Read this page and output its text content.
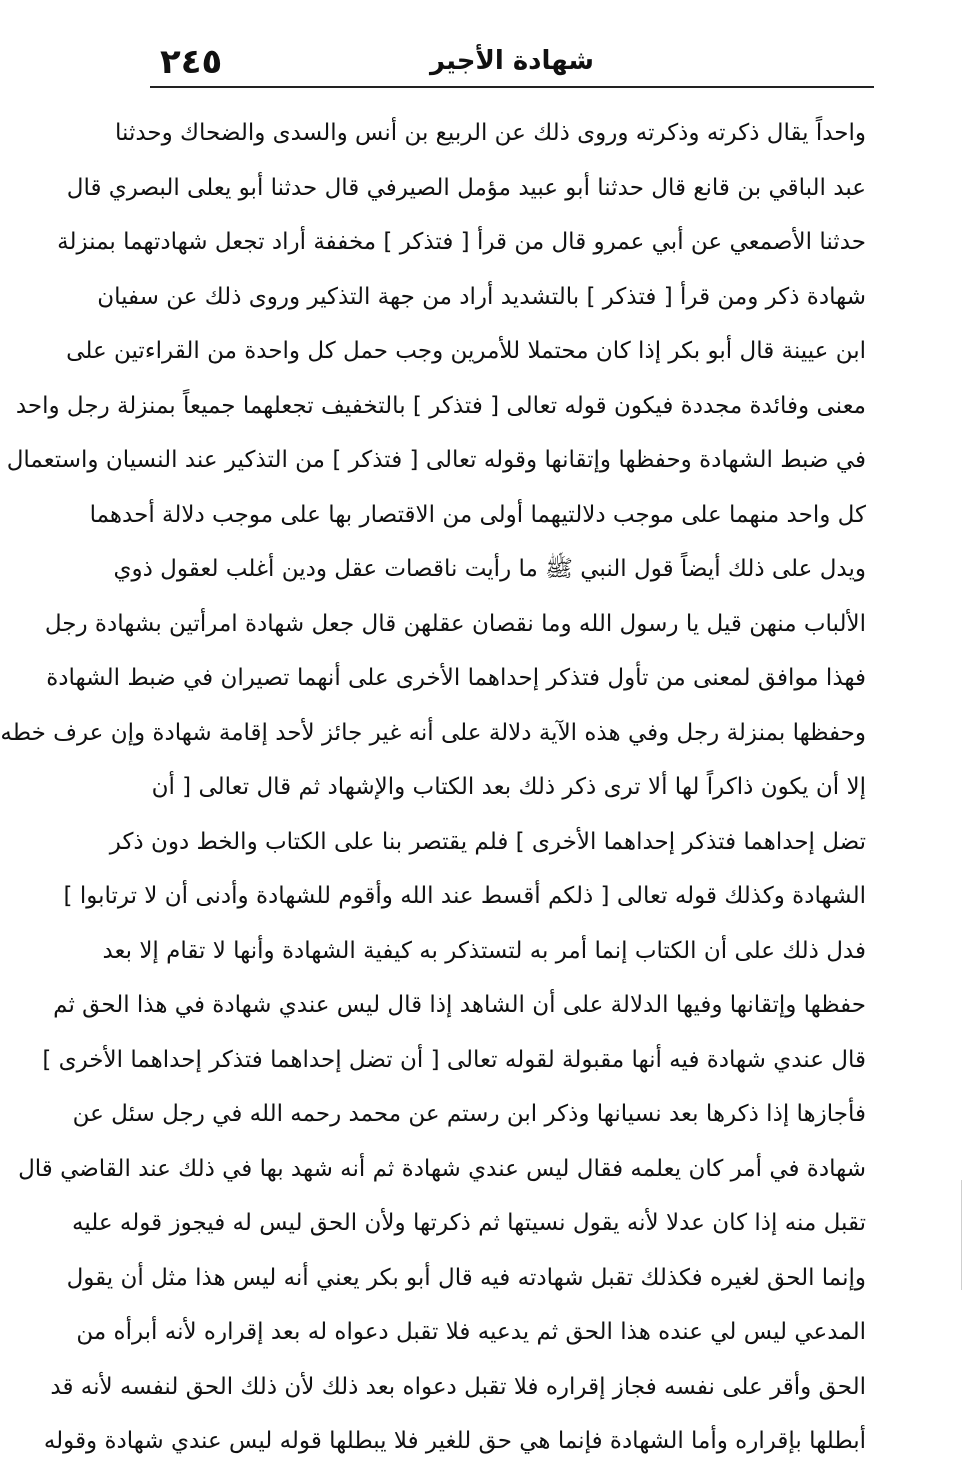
٢٤٥	شهادة الأجير
واحداً يقال ذكرته وذكرته وروى ذلك عن الربيع بن أنس والسدى والضحاك وحدثنا
عبد الباقي بن قانع قال حدثنا أبو عبيد مؤمل الصيرفي قال حدثنا أبو يعلى البصري قال
حدثنا الأصمعي عن أبي عمرو قال من قرأ [ فتذكر ] مخففة أراد تجعل شهادتهما بمنزلة
شهادة ذكر ومن قرأ [ فتذكر ] بالتشديد أراد من جهة التذكير وروى ذلك عن سفيان
ابن عيينة قال أبو بكر إذا كان محتملا للأمرين وجب حمل كل واحدة من القراءتين على
معنى وفائدة مجددة فيكون قوله تعالى [ فتذكر ] بالتخفيف تجعلهما جميعاً بمنزلة رجل واحد
في ضبط الشهادة وحفظها وإتقانها وقوله تعالى [ فتذكر ] من التذكير عند النسيان واستعمال
كل واحد منهما على موجب دلالتيهما أولى من الاقتصار بها على موجب دلالة أحدهما
ويدل على ذلك أيضاً قول النبي ﷺ ما رأيت ناقصات عقل ودين أغلب لعقول ذوي
الألباب منهن قيل يا رسول الله وما نقصان عقلهن قال جعل شهادة امرأتين بشهادة رجل
فهذا موافق لمعنى من تأول فتذكر إحداهما الأخرى على أنهما تصيران في ضبط الشهادة
وحفظها بمنزلة رجل وفي هذه الآية دلالة على أنه غير جائز لأحد إقامة شهادة وإن عرف خطه
إلا أن يكون ذاكراً لها ألا ترى ذكر ذلك بعد الكتاب والإشهاد ثم قال تعالى [ أن
تضل إحداهما فتذكر إحداهما الأخرى ] فلم يقتصر بنا على الكتاب والخط دون ذكر
الشهادة وكذلك قوله تعالى [ ذلكم أقسط عند الله وأقوم للشهادة وأدنى أن لا ترتابوا ]
فدل ذلك على أن الكتاب إنما أمر به لتستذكر به كيفية الشهادة وأنها لا تقام إلا بعد
حفظها وإتقانها وفيها الدلالة على أن الشاهد إذا قال ليس عندي شهادة في هذا الحق ثم
قال عندي شهادة فيه أنها مقبولة لقوله تعالى [ أن تضل إحداهما فتذكر إحداهما الأخرى ]
فأجازها إذا ذكرها بعد نسيانها وذكر ابن رستم عن محمد رحمه الله في رجل سئل عن
شهادة في أمر كان يعلمه فقال ليس عندي شهادة ثم أنه شهد بها في ذلك عند القاضي قال
تقبل منه إذا كان عدلا لأنه يقول نسيتها ثم ذكرتها ولأن الحق ليس له فيجوز قوله عليه
وإنما الحق لغيره فكذلك تقبل شهادته فيه قال أبو بكر يعني أنه ليس هذا مثل أن يقول
المدعي ليس لي عنده هذا الحق ثم يدعيه فلا تقبل دعواه له بعد إقراره لأنه أبرأه من
الحق وأقر على نفسه فجاز إقراره فلا تقبل دعواه بعد ذلك لأن ذلك الحق لنفسه لأنه قد
أبطلها بإقراره وأما الشهادة فإنما هي حق للغير فلا يبطلها قوله ليس عندي شهادة وقوله
